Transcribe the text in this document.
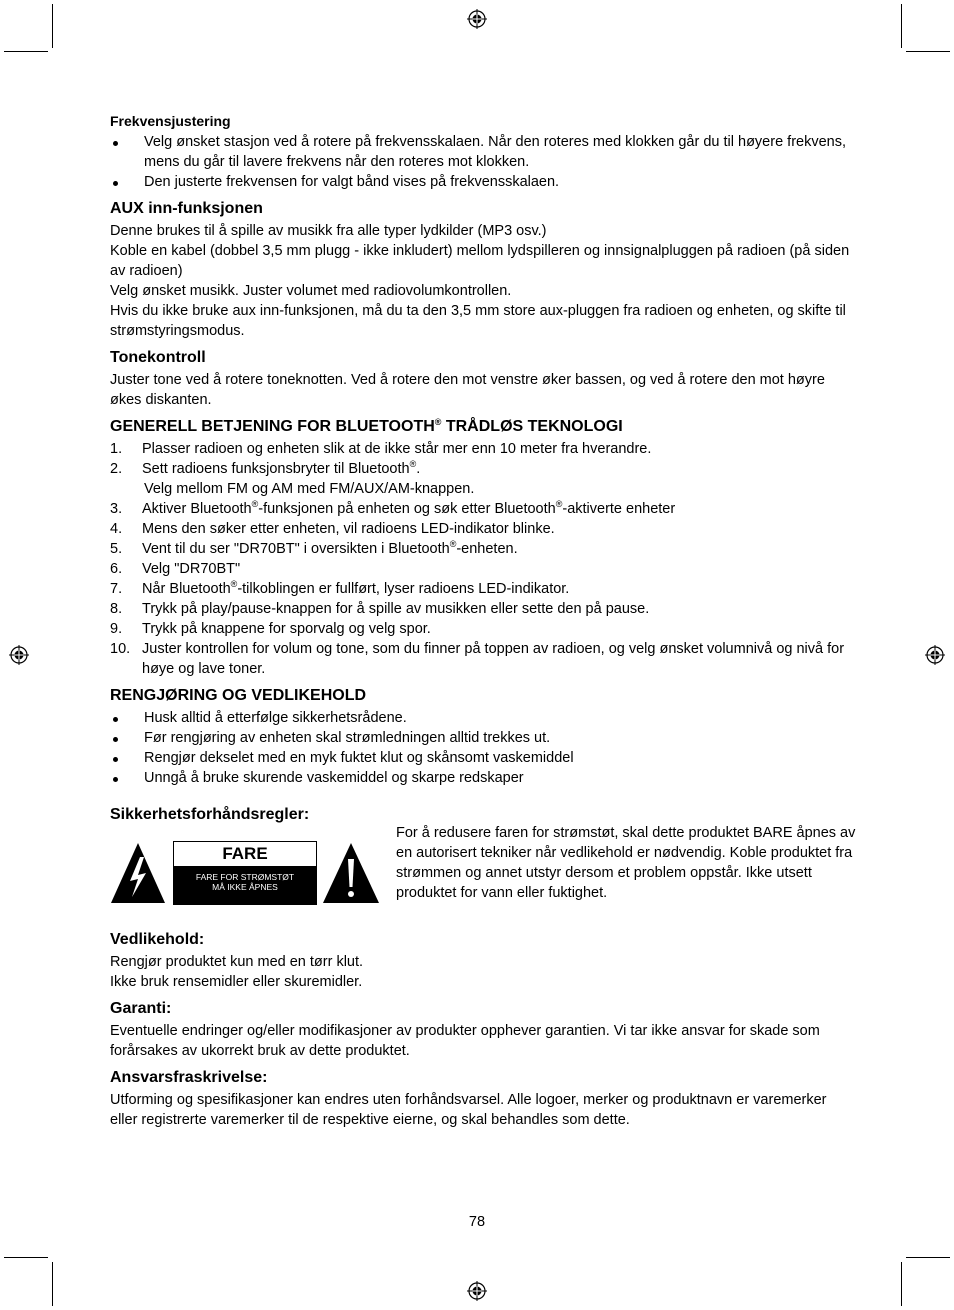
Frekvensjustering
Velg ønsket stasjon ved å rotere på frekvensskalaen. Når den roteres med klokken går du til høyere frekvens, mens du går til lavere frekvens når den roteres mot klokken.
Den justerte frekvensen for valgt bånd vises på frekvensskalaen.
AUX inn-funksjonen

Denne brukes til å spille av musikk fra alle typer lydkilder (MP3 osv.)

Koble en kabel (dobbel 3,5 mm plugg - ikke inkludert) mellom lydspilleren og innsignalpluggen på radioen (på siden av radioen)

Velg ønsket musikk. Juster volumet med radiovolumkontrollen.

Hvis du ikke bruke aux inn-funksjonen, må du ta den 3,5 mm store aux-pluggen fra radioen og enheten, og skifte til strømstyringsmodus.

Tonekontroll

Juster tone ved å rotere toneknotten. Ved å rotere den mot venstre øker bassen, og ved å rotere den mot høyre økes diskanten.

GENERELL BETJENING FOR BLUETOOTH® TRÅDLØS TEKNOLOGI
1. Plasser radioen og enheten slik at de ikke står mer enn 10 meter fra hverandre.
2. Sett radioens funksjonsbryter til Bluetooth®.
Velg mellom FM og AM med FM/AUX/AM-knappen.
3. Aktiver Bluetooth®-funksjonen på enheten og søk etter Bluetooth®-aktiverte enheter
4. Mens den søker etter enheten, vil radioens LED-indikator blinke.
5. Vent til du ser "DR70BT" i oversikten i Bluetooth®-enheten.
6. Velg "DR70BT"
7. Når Bluetooth®-tilkoblingen er fullført, lyser radioens LED-indikator.
8. Trykk på play/pause-knappen for å spille av musikken eller sette den på pause.
9. Trykk på knappene for sporvalg og velg spor.
10. Juster kontrollen for volum og tone, som du finner på toppen av radioen, og velg ønsket volumnivå og nivå for høye og lave toner.
RENGJØRING OG VEDLIKEHOLD
Husk alltid å etterfølge sikkerhetsrådene.
Før rengjøring av enheten skal strømledningen alltid trekkes ut.
Rengjør dekselet med en myk fuktet klut og skånsomt vaskemiddel
Unngå å bruke skurende vaskemiddel og skarpe redskaper
Sikkerhetsforhåndsregler:
FARE
FARE FOR STRØMSTØT
MÅ IKKE ÅPNES
For å redusere faren for strømstøt, skal dette produktet BARE åpnes av en autorisert tekniker når vedlikehold er nødvendig. Koble produktet fra strømmen og annet utstyr dersom et problem oppstår. Ikke utsett produktet for vann eller fuktighet.
Vedlikehold:

Rengjør produktet kun med en tørr klut.

Ikke bruk rensemidler eller skuremidler.

Garanti:

Eventuelle endringer og/eller modifikasjoner av produkter opphever garantien. Vi tar ikke ansvar for skade som forårsakes av ukorrekt bruk av dette produktet.

Ansvarsfraskrivelse:

Utforming og spesifikasjoner kan endres uten forhåndsvarsel. Alle logoer, merker og produktnavn er varemerker eller registrerte varemerker til de respektive eierne, og skal behandles som dette.

78
